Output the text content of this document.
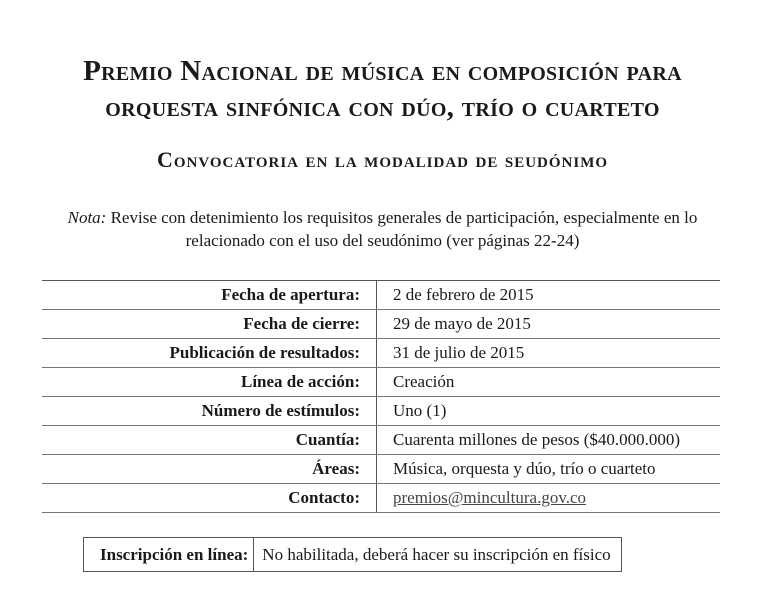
Premio Nacional de música en composición para
orquesta sinfónica con dúo, trío o cuarteto
Convocatoria en la modalidad de seudónimo
Nota: Revise con detenimiento los requisitos generales de participación, especialmente en lo relacionado con el uso del seudónimo (ver páginas 22-24)
Fecha de apertura:	2 de febrero de 2015
Fecha de cierre:	29 de mayo de 2015
Publicación de resultados:	31 de julio de 2015
Línea de acción:	Creación
Número de estímulos:	Uno (1)
Cuantía:	Cuarenta millones de pesos ($40.000.000)
Áreas:	Música, orquesta y dúo, trío o cuarteto
Contacto:	premios@mincultura.gov.co
Inscripción en línea:	No habilitada, deberá hacer su inscripción en físico
